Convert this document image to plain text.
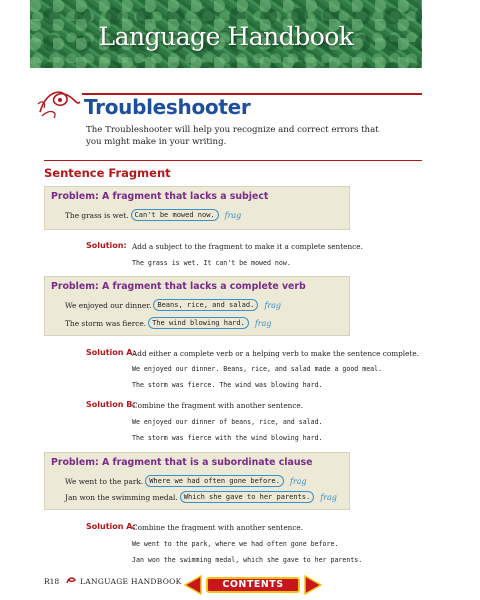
Language Handbook
Troubleshooter
The Troubleshooter will help you recognize and correct errors that you might make in your writing.
Sentence Fragment
Problem: A fragment that lacks a subject
The grass is wet. Can't be mowed now.	frag
Solution: Add a subject to the fragment to make it a complete sentence.
The grass is wet. It can't be mowed now.
Problem: A fragment that lacks a complete verb
We enjoyed our dinner. Beans, rice, and salad.	frag
The storm was fierce. The wind blowing hard.	frag
Solution A:
Add either a complete verb or a helping verb to make the sentence complete.
We enjoyed our dinner. Beans, rice, and salad made a good meal.
The storm was fierce. The wind was blowing hard.
Solution B:
Combine the fragment with another sentence.
We enjoyed our dinner of beans, rice, and salad.
The storm was fierce with the wind blowing hard.
Problem: A fragment that is a subordinate clause
We went to the park. Where we had often gone before.	frag
Jan won the swimming medal. Which she gave to her parents.	frag
Solution A:
Combine the fragment with another sentence.
We went to the park, where we had often gone before.
Jan won the swimming medal, which she gave to her parents.
R18	LANGUAGE HANDBOOK	CONTENTS
